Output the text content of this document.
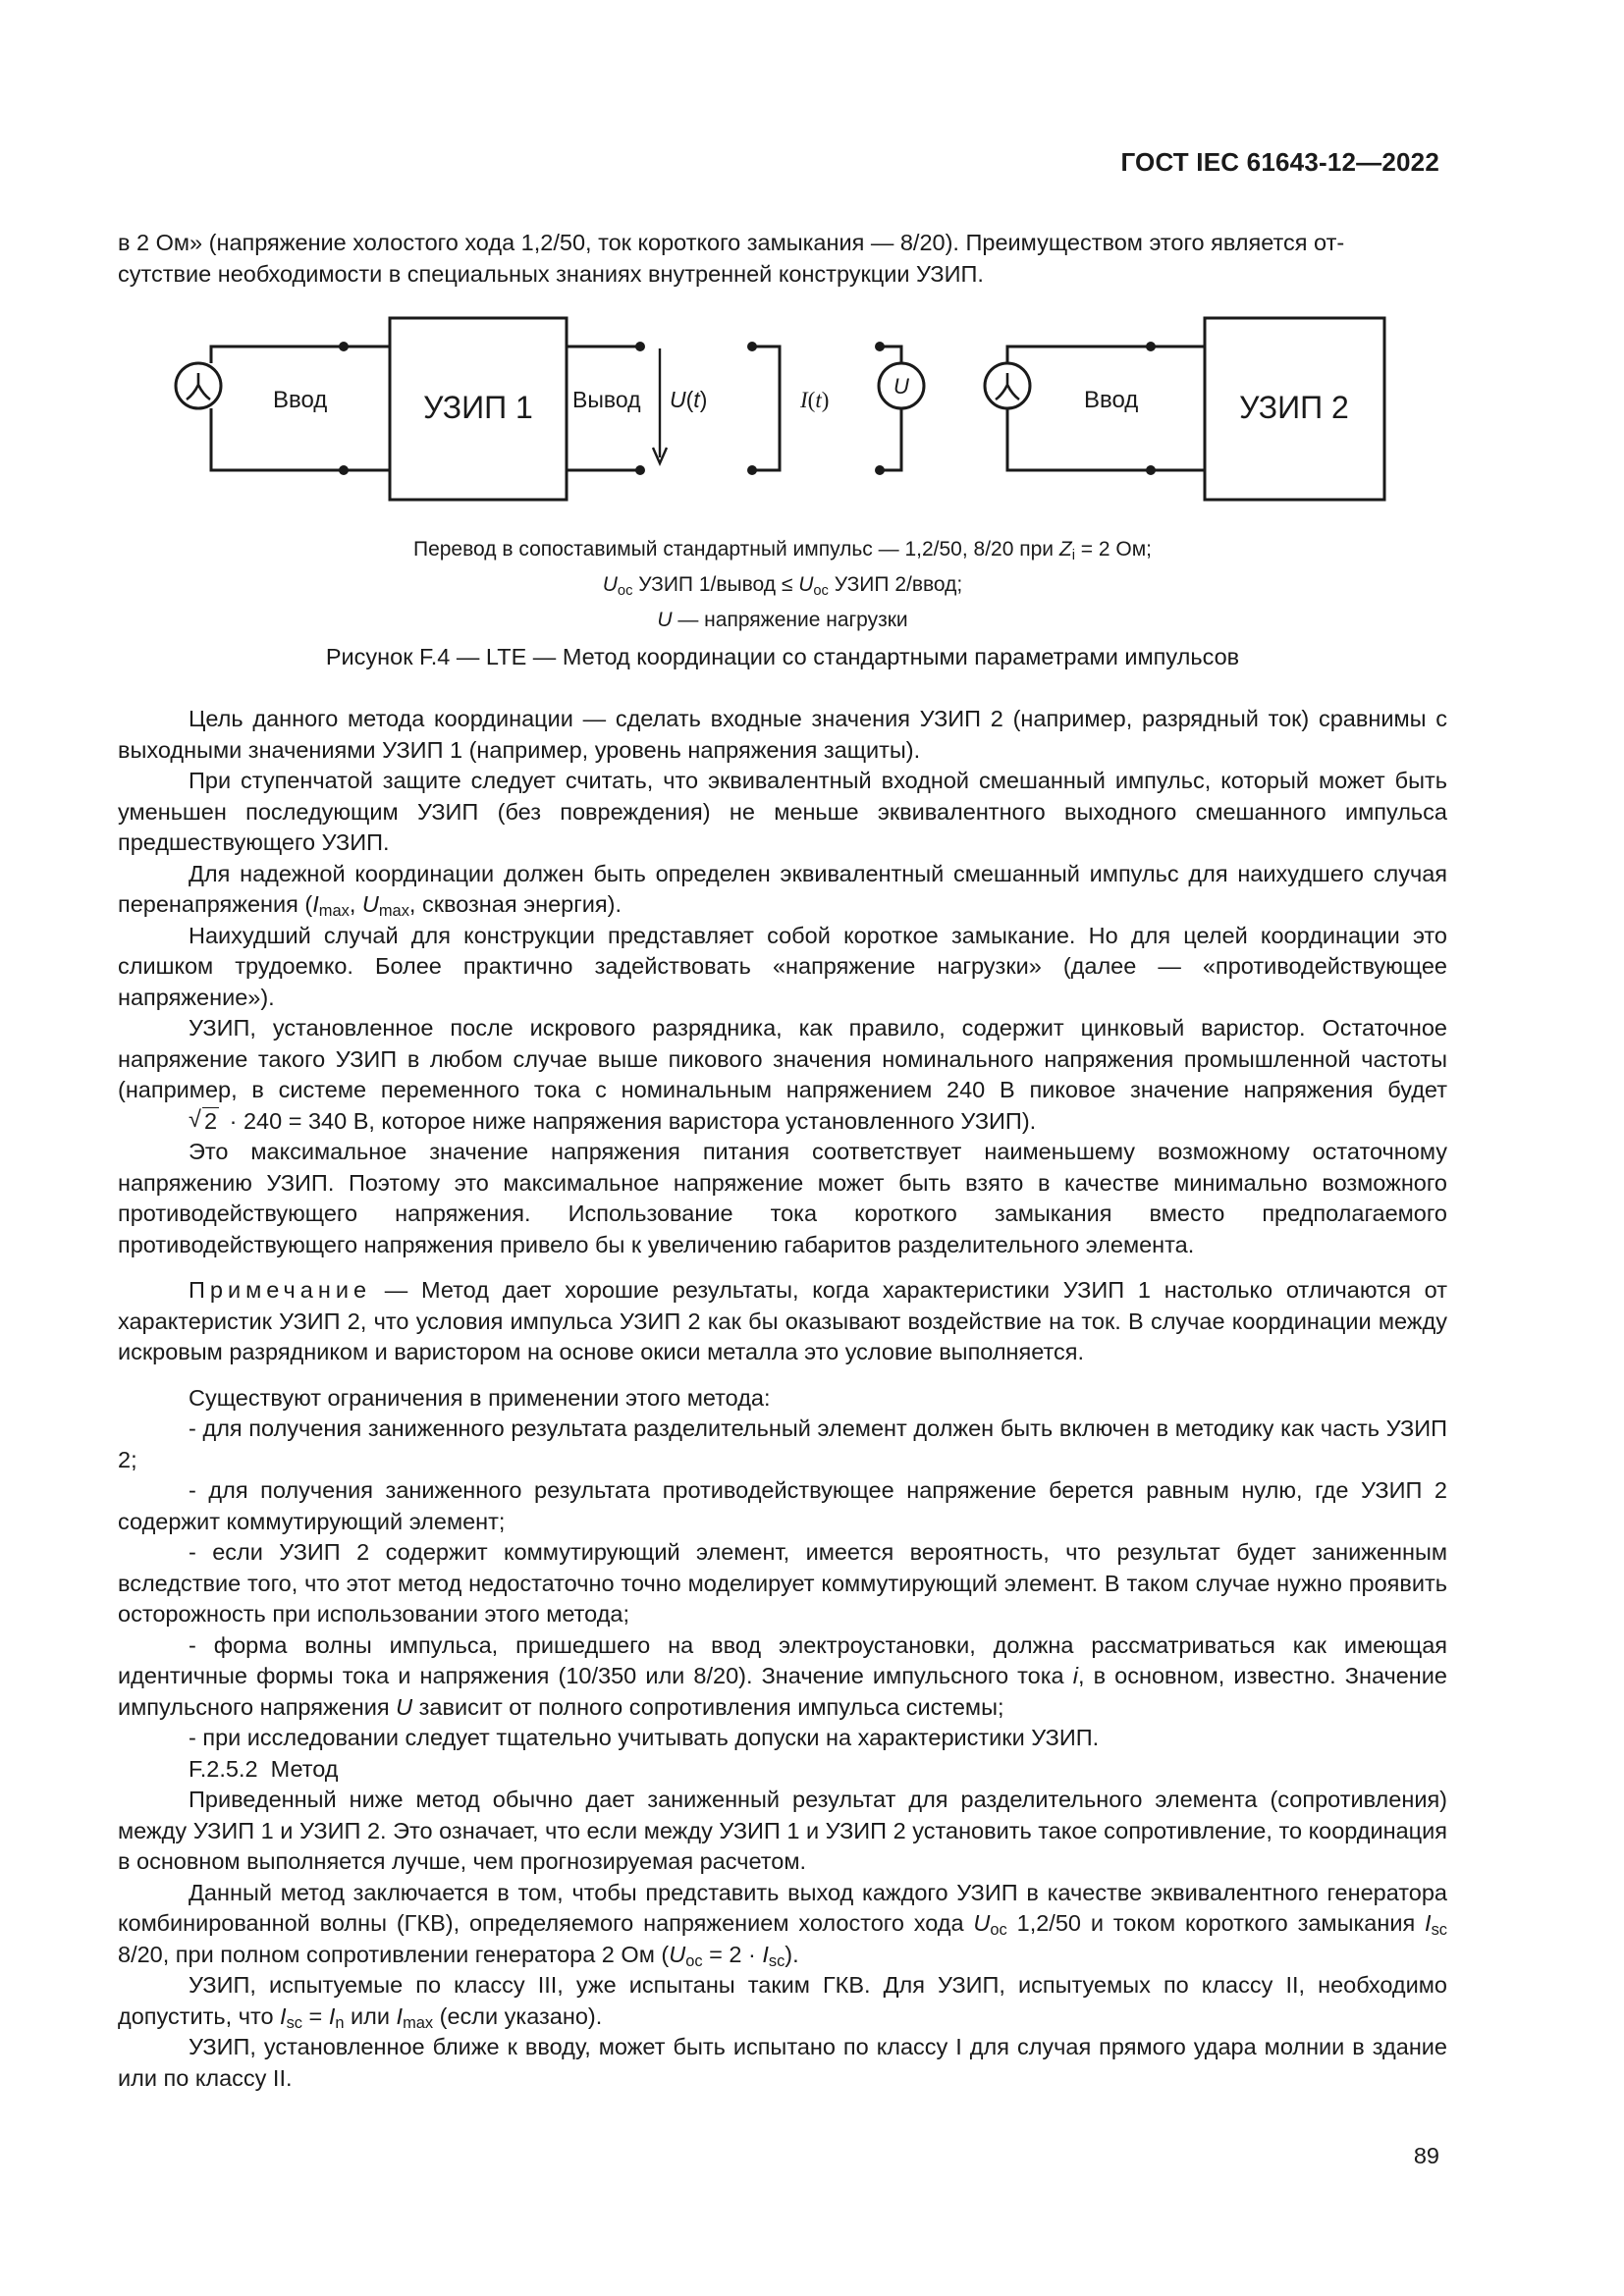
ГОСТ IEC 61643-12—2022

в 2 Ом» (напряжение холостого хода 1,2/50, ток короткого замыкания — 8/20). Преимуществом этого является от-

сутствие необходимости в специальных знаниях внутренней конструкции УЗИП.

Ввод	УЗИП 1 Вывод U(t)	I(t)
U
Ввод	УЗИП 2
Перевод в сопоставимый стандартный импульс — 1,2/50, 8/20 при $Z_i = 2$ Ом;
$U_{oc}$ УЗИП 1/вывод ≤ $U_{oc}$ УЗИП 2/ввод;
U — напряжение нагрузки
Рисунок F.4 — LTE — Метод координации со стандартными параметрами импульсов

Цель данного метода координации — сделать входные значения УЗИП 2 (например, разрядный ток) сравнимы с выходными значениями УЗИП 1 (например, уровень напряжения защиты).

При ступенчатой защите следует считать, что эквивалентный входной смешанный импульс, который может быть уменьшен последующим УЗИП (без повреждения) не меньше эквивалентного выходного смешанного импульса предшествующего УЗИП.

Для надежной координации должен быть определен эквивалентный смешанный импульс для наихудшего случая перенапряжения ($I_{max}$, $U_{max}$, сквозная энергия).

Наихудший случай для конструкции представляет собой короткое замыкание. Но для целей координации это слишком трудоемко. Более практично задействовать «напряжение нагрузки» (далее — «противодействующее напряжение»).

УЗИП, установленное после искрового разрядника, как правило, содержит цинковый варистор. Остаточное напряжение такого УЗИП в любом случае выше пикового значения номинального напряжения промышленной частоты (например, в системе переменного тока с номинальным напряжением 240 В пиковое значение напряжения будет
√ 2 · 240 = 340 В, которое ниже напряжения варистора установленного УЗИП).

Это максимальное значение напряжения питания соответствует наименьшему возможному остаточному напряжению УЗИП. Поэтому это максимальное напряжение может быть взято в качестве минимально возможного противодействующего напряжения. Использование тока короткого замыкания вместо предполагаемого противодействующего напряжения привело бы к увеличению габаритов разделительного элемента.

Примечание — Метод дает хорошие результаты, когда характеристики УЗИП 1 настолько отличаются от характеристик УЗИП 2, что условия импульса УЗИП 2 как бы оказывают воздействие на ток. В случае координации между искровым разрядником и варистором на основе окиси металла это условие выполняется.

Существуют ограничения в применении этого метода:

- для получения заниженного результата разделительный элемент должен быть включен в методику как часть УЗИП 2;

- для получения заниженного результата противодействующее напряжение берется равным нулю, где УЗИП 2 содержит коммутирующий элемент;

- если УЗИП 2 содержит коммутирующий элемент, имеется вероятность, что результат будет заниженным вследствие того, что этот метод недостаточно точно моделирует коммутирующий элемент. В таком случае нужно проявить осторожность при использовании этого метода;

- форма волны импульса, пришедшего на ввод электроустановки, должна рассматриваться как имеющая идентичные формы тока и напряжения (10/350 или 8/20). Значение импульсного тока i, в основном, известно. Значение импульсного напряжения U зависит от полного сопротивления импульса системы;

- при исследовании следует тщательно учитывать допуски на характеристики УЗИП.

F.2.5.2  Метод

Приведенный ниже метод обычно дает заниженный результат для разделительного элемента (сопротивления) между УЗИП 1 и УЗИП 2. Это означает, что если между УЗИП 1 и УЗИП 2 установить такое сопротивление, то координация в основном выполняется лучше, чем прогнозируемая расчетом.

Данный метод заключается в том, чтобы представить выход каждого УЗИП в качестве эквивалентного генератора комбинированной волны (ГКВ), определяемого напряжением холостого хода $U_{oc}$ 1,2/50 и током короткого замыкания $I_{sc}$ 8/20, при полном сопротивлении генератора 2 Ом $(U_{oc} = 2 \cdot I_{sc})$.

УЗИП, испытуемые по классу III, уже испытаны таким ГКВ. Для УЗИП, испытуемых по классу II, необходимо допустить, что $I_{sc} = I_n$ или $I_{max}$ (если указано).

УЗИП, установленное ближе к вводу, может быть испытано по классу I для случая прямого удара молнии в здание или по классу II.

89
